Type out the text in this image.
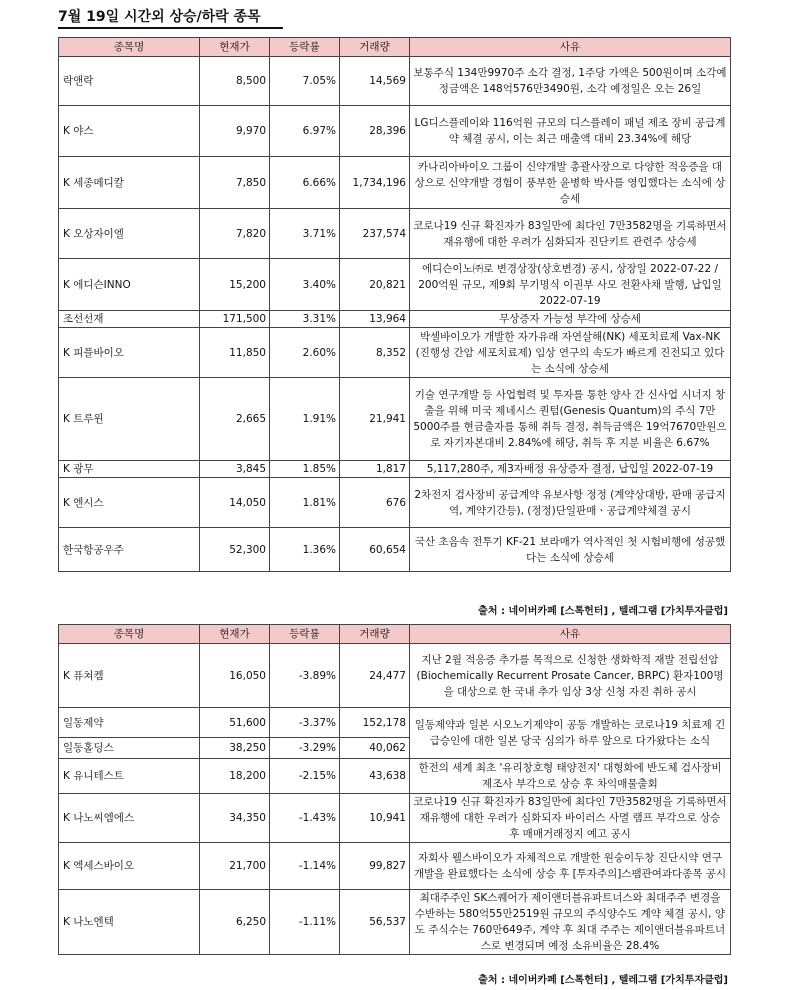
7월 19일 시간외 상승/하락 종목
종목명	현재가	등락률	거래량	사유
락앤락	8,500	7.05%	14,569	보통주식 134만9970주 소각 결정, 1주당 가액은 500원이며 소각예정금액은 148억576만3490원, 소각 예정일은 오는 26일
K 야스	9,970	6.97%	28,396	LG디스플레이와 116억원 규모의 디스플레이 패널 제조 장비 공급계약 체결 공시, 이는 최근 매출액 대비 23.34%에 해당
K 세종메디칼	7,850	6.66%	1,734,196	카나리아바이오 그룹이 신약개발 총괄사장으로 다양한 적응증을 대상으로 신약개발 경험이 풍부한 윤병학 박사를 영입했다는 소식에 상승세
K 오상자이엘	7,820	3.71%	237,574	코로나19 신규 확진자가 83일만에 최다인 7만3582명을 기록하면서 재유행에 대한 우려가 심화되자 진단키트 관련주 상승세
K 에디슨INNO	15,200	3.40%	20,821	에디슨이노㈜로 변경상장(상호변경) 공시, 상장일 2022-07-22 / 200억원 규모, 제9회 무기명식 이권부 사모 전환사채 발행, 납입일 2022-07-19
조선선재	171,500	3.31%	13,964	무상증자 가능성 부각에 상승세
K 피플바이오	11,850	2.60%	8,352	박셀바이오가 개발한 자가유래 자연살해(NK) 세포치료제 Vax-NK (진행성 간암 세포치료제) 임상 연구의 속도가 빠르게 진전되고 있다는 소식에 상승세
K 트루윈	2,665	1.91%	21,941	기술 연구개발 등 사업협력 및 투자를 통한 양사 간 신사업 시너지 창출을 위해 미국 제네시스 퀀텀(Genesis Quantum)의 주식 7만5000주를 현금출자를 통해 취득 결정, 취득금액은 19억7670만원으로 자기자본대비 2.84%에 해당, 취득 후 지분 비율은 6.67%
K 광무	3,845	1.85%	1,817	5,117,280주, 제3자배정 유상증자 결정, 납입일 2022-07-19
K 엔시스	14,050	1.81%	676	2차전지 검사장비 공급계약 유보사항 정정 (계약상대방, 판매 공급지역, 계약기간등), (정정)단일판매ㆍ공급계약체결 공시
한국항공우주	52,300	1.36%	60,654	국산 초음속 전투기 KF-21 보라매가 역사적인 첫 시험비행에 성공했다는 소식에 상승세
출처 : 네이버카페 [스톡헌터] , 텔레그램 [가치투자클럽]
종목명	현재가	등락률	거래량	사유
K 퓨쳐켐	16,050	-3.89%	24,477	지난 2월 적응증 추가를 목적으로 신청한 생화학적 재발 전립선암(Biochemically Recurrent Prosate Cancer, BRPC) 환자100명을 대상으로 한 국내 추가 임상 3상 신청 자진 취하 공시
일동제약	51,600	-3.37%	152,178	일동제약과 일본 시오노기제약이 공동 개발하는 코로나19 치료제 긴급승인에 대한 일본 당국 심의가 하루 앞으로 다가왔다는 소식
일동홀딩스	38,250	-3.29%	40,062	
K 유니테스트	18,200	-2.15%	43,638	한전의 세계 최초 '유리창호형 태양전지' 대형화에 반도체 검사장비 제조사 부각으로 상승 후 차익매물출회
K 나노씨엠에스	34,350	-1.43%	10,941	코로나19 신규 확진자가 83일만에 최다인 7만3582명을 기록하면서 재유행에 대한 우려가 심화되자 바이러스 사멸 램프 부각으로 상승 후 매매거래정지 예고 공시
K 엑세스바이오	21,700	-1.14%	99,827	자회사 웰스바이오가 자체적으로 개발한 원숭이두창 진단시약 연구개발을 완료했다는 소식에 상승 후 [투자주의]스팸관여과다종목 공시
K 나노엔텍	6,250	-1.11%	56,537	최대주주인 SK스퀘어가 제이앤더블유파트너스와 최대주주 변경을 수반하는 580억55만2519원 규모의 주식양수도 계약 체결 공시, 양도 주식수는 760만649주, 계약 후 최대 주주는 제이앤더블유파트너스로 변경되며 예정 소유비율은 28.4%
출처 : 네이버카페 [스톡헌터] , 텔레그램 [가치투자클럽]
